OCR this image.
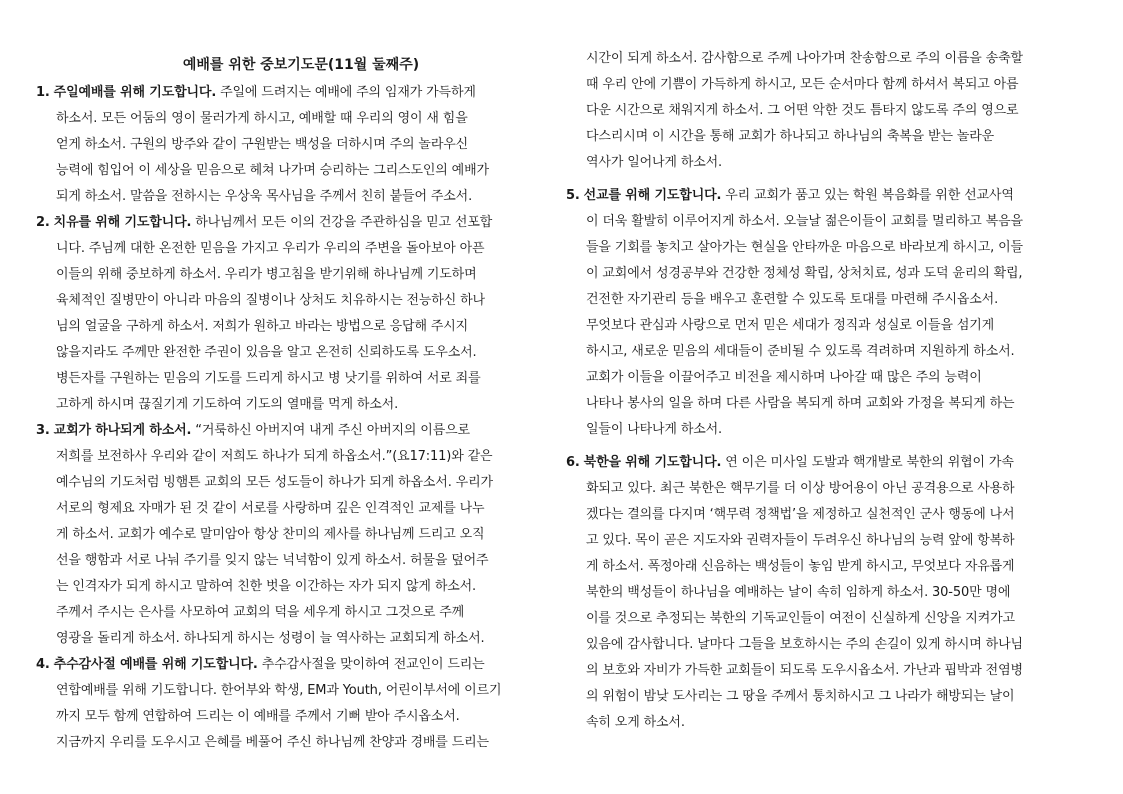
예배를 위한 중보기도문(11월 둘째주)
1. 주일예배를 위해 기도합니다. 주일에 드려지는 예배에 주의 임재가 가득하게
하소서. 모든 어둠의 영이 물러가게 하시고, 예배할 때 우리의 영이 새 힘을
얻게 하소서. 구원의 방주와 같이 구원받는 백성을 더하시며 주의 놀라우신
능력에 힘입어 이 세상을 믿음으로 헤쳐 나가며 승리하는 그리스도인의 예배가
되게 하소서. 말씀을 전하시는 우상욱 목사님을 주께서 친히 붙들어 주소서.
2. 치유를 위해 기도합니다. 하나님께서 모든 이의 건강을 주관하심을 믿고 선포합
니다. 주님께 대한 온전한 믿음을 가지고 우리가 우리의 주변을 돌아보아 아픈
이들의 위해 중보하게 하소서. 우리가 병고침을 받기위해 하나님께 기도하며
육체적인 질병만이 아니라 마음의 질병이나 상처도 치유하시는 전능하신 하나
님의 얼굴을 구하게 하소서. 저희가 원하고 바라는 방법으로 응답해 주시지
않을지라도 주께만 완전한 주권이 있음을 알고 온전히 신뢰하도록 도우소서.
병든자를 구원하는 믿음의 기도를 드리게 하시고 병 낫기를 위하여 서로 죄를
고하게 하시며 끊질기게 기도하여 기도의 열매를 먹게 하소서.
3. 교회가 하나되게 하소서. “거룩하신 아버지여 내게 주신 아버지의 이름으로
저희를 보전하사 우리와 같이 저희도 하나가 되게 하옵소서.”(요17:11)와 같은
예수님의 기도처럼 빙햄튼 교회의 모든 성도들이 하나가 되게 하옵소서. 우리가
서로의 형제요 자매가 된 것 같이 서로를 사랑하며 깊은 인격적인 교제를 나누
게 하소서. 교회가 예수로 말미암아 항상 찬미의 제사를 하나님께 드리고 오직
선을 행함과 서로 나눠 주기를 잊지 않는 넉넉함이 있게 하소서. 허물을 덮어주
는 인격자가 되게 하시고 말하여 친한 벗을 이간하는 자가 되지 않게 하소서.
주께서 주시는 은사를 사모하여 교회의 덕을 세우게 하시고 그것으로 주께
영광을 돌리게 하소서. 하나되게 하시는 성령이 늘 역사하는 교회되게 하소서.
4. 추수감사절 예배를 위해 기도합니다. 추수감사절을 맞이하여 전교인이 드리는
연합예배를 위해 기도합니다. 한어부와 학생, EM과 Youth, 어린이부서에 이르기
까지 모두 함께 연합하여 드리는 이 예배를 주께서 기뻐 받아 주시옵소서.
지금까지 우리를 도우시고 은혜를 베풀어 주신 하나님께 찬양과 경배를 드리는
시간이 되게 하소서. 감사함으로 주께 나아가며 찬송함으로 주의 이름을 송축할
때 우리 안에 기쁨이 가득하게 하시고, 모든 순서마다 함께 하셔서 복되고 아름
다운 시간으로 채워지게 하소서. 그 어떤 악한 것도 틈타지 않도록 주의 영으로
다스리시며 이 시간을 통해 교회가 하나되고 하나님의 축복을 받는 놀라운
역사가 일어나게 하소서.
5. 선교를 위해 기도합니다. 우리 교회가 품고 있는 학원 복음화를 위한 선교사역
이 더욱 활발히 이루어지게 하소서. 오늘날 젊은이들이 교회를 멀리하고 복음을
들을 기회를 놓치고 살아가는 현실을 안타까운 마음으로 바라보게 하시고, 이들
이 교회에서 성경공부와 건강한 정체성 확립, 상처치료, 성과 도덕 윤리의 확립,
건전한 자기관리 등을 배우고 훈련할 수 있도록 토대를 마련해 주시옵소서.
무엇보다 관심과 사랑으로 먼저 믿은 세대가 정직과 성실로 이들을 섬기게
하시고, 새로운 믿음의 세대들이 준비될 수 있도록 격려하며 지원하게 하소서.
교회가 이들을 이끌어주고 비전을 제시하며 나아갈 때 많은 주의 능력이
나타나 봉사의 일을 하며 다른 사람을 복되게 하며 교회와 가정을 복되게 하는
일들이 나타나게 하소서.
6. 북한을 위해 기도합니다. 연 이은 미사일 도발과 핵개발로 북한의 위협이 가속
화되고 있다. 최근 북한은 핵무기를 더 이상 방어용이 아닌 공격용으로 사용하
겠다는 결의를 다지며 ‘핵무력 정책법’을 제정하고 실천적인 군사 행동에 나서
고 있다. 목이 곧은 지도자와 권력자들이 두려우신 하나님의 능력 앞에 항복하
게 하소서. 폭정아래 신음하는 백성들이 놓임 받게 하시고, 무엇보다 자유롭게
북한의 백성들이 하나님을 예배하는 날이 속히 임하게 하소서. 30-50만 명에
이를 것으로 추정되는 북한의 기독교인들이 여전이 신실하게 신앙을 지켜가고
있음에 감사합니다. 날마다 그들을 보호하시는 주의 손길이 있게 하시며 하나님
의 보호와 자비가 가득한 교회들이 되도록 도우시옵소서. 가난과 핍박과 전염병
의 위험이 밤낮 도사리는 그 땅을 주께서 통치하시고 그 나라가 해방되는 날이
속히 오게 하소서.
